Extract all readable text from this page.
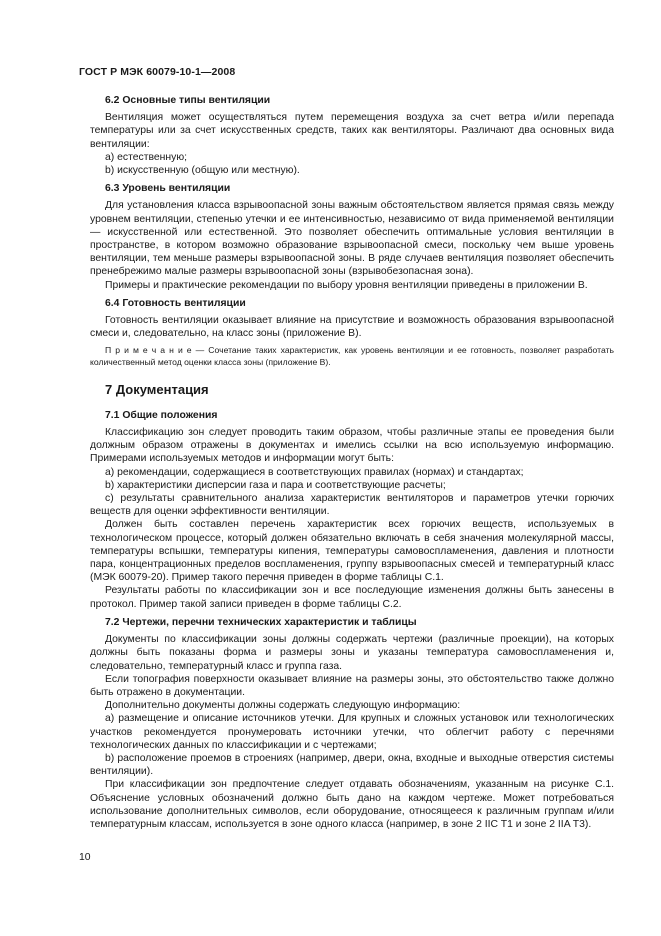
ГОСТ Р МЭК 60079-10-1—2008
6.2 Основные типы вентиляции

Вентиляция может осуществляться путем перемещения воздуха за счет ветра и/или перепада температуры или за счет искусственных средств, таких как вентиляторы. Различают два основных вида вентиляции:

a) естественную;

b) искусственную (общую или местную).

6.3 Уровень вентиляции

Для установления класса взрывоопасной зоны важным обстоятельством является прямая связь между уровнем вентиляции, степенью утечки и ее интенсивностью, независимо от вида применяемой вентиляции — искусственной или естественной. Это позволяет обеспечить оптимальные условия вентиляции в пространстве, в котором возможно образование взрывоопасной смеси, поскольку чем выше уровень вентиляции, тем меньше размеры взрывоопасной зоны. В ряде случаев вентиляция позволяет обеспечить пренебрежимо малые размеры взрывоопасной зоны (взрывобезопасная зона).

Примеры и практические рекомендации по выбору уровня вентиляции приведены в приложении В.

6.4 Готовность вентиляции

Готовность вентиляции оказывает влияние на присутствие и возможность образования взрывоопасной смеси и, следовательно, на класс зоны (приложение В).

П р и м е ч а н и е — Сочетание таких характеристик, как уровень вентиляции и ее готовность, позволяет разработать количественный метод оценки класса зоны (приложение В).

7 Документация
7.1 Общие положения

Классификацию зон следует проводить таким образом, чтобы различные этапы ее проведения были должным образом отражены в документах и имелись ссылки на всю используемую информацию. Примерами используемых методов и информации могут быть:

a) рекомендации, содержащиеся в соответствующих правилах (нормах) и стандартах;

b) характеристики дисперсии газа и пара и соответствующие расчеты;

c) результаты сравнительного анализа характеристик вентиляторов и параметров утечки горючих веществ для оценки эффективности вентиляции.

Должен быть составлен перечень характеристик всех горючих веществ, используемых в технологическом процессе, который должен обязательно включать в себя значения молекулярной массы, температуры вспышки, температуры кипения, температуры самовоспламенения, давления и плотности пара, концентрационных пределов воспламенения, группу взрывоопасных смесей и температурный класс (МЭК 60079-20). Пример такого перечня приведен в форме таблицы С.1.

Результаты работы по классификации зон и все последующие изменения должны быть занесены в протокол. Пример такой записи приведен в форме таблицы С.2.

7.2 Чертежи, перечни технических характеристик и таблицы

Документы по классификации зоны должны содержать чертежи (различные проекции), на которых должны быть показаны форма и размеры зоны и указаны температура самовоспламенения и, следовательно, температурный класс и группа газа.

Если топография поверхности оказывает влияние на размеры зоны, это обстоятельство также должно быть отражено в документации.

Дополнительно документы должны содержать следующую информацию:

a) размещение и описание источников утечки. Для крупных и сложных установок или технологических участков рекомендуется пронумеровать источники утечки, что облегчит работу с перечнями технологических данных по классификации и с чертежами;

b) расположение проемов в строениях (например, двери, окна, входные и выходные отверстия системы вентиляции).

При классификации зон предпочтение следует отдавать обозначениям, указанным на рисунке С.1. Объяснение условных обозначений должно быть дано на каждом чертеже. Может потребоваться использование дополнительных символов, если оборудование, относящееся к различным группам и/или температурным классам, используется в зоне одного класса (например, в зоне 2 IIC T1 и зоне 2 IIA T3).

10
